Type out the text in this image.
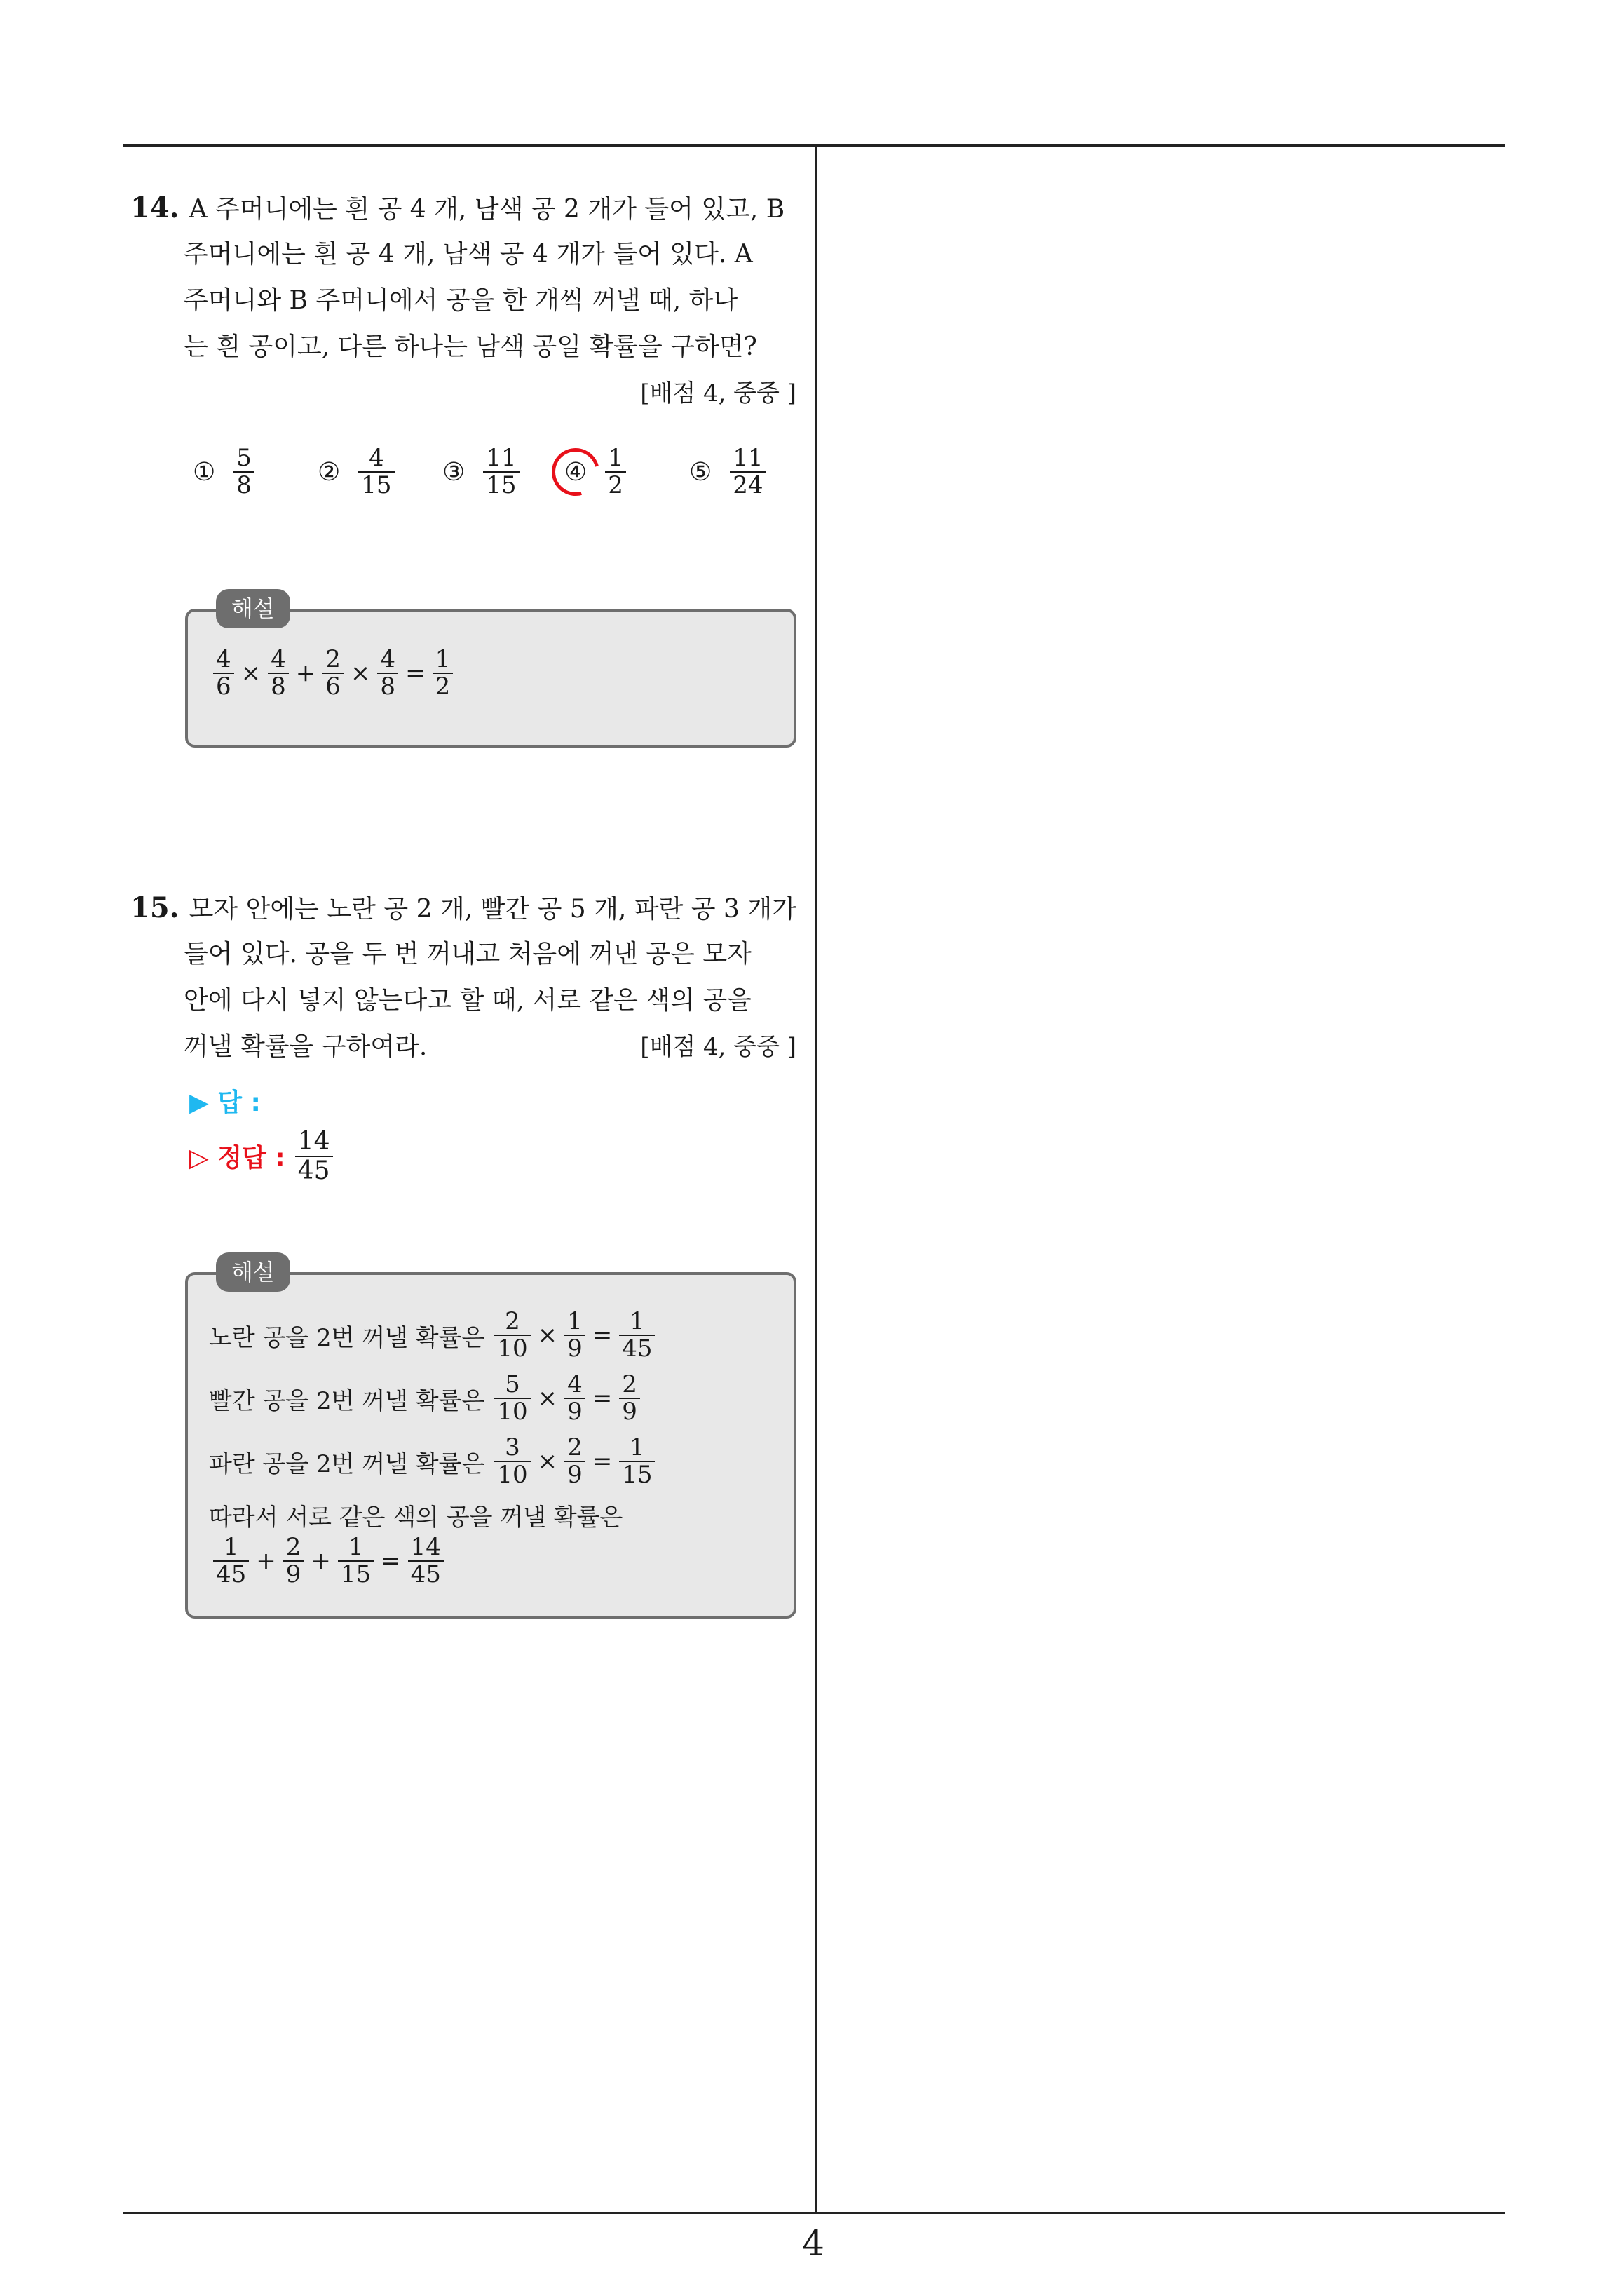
4
14. A 주머니에는 흰 공 4 개, 남색 공 2 개가 들어 있고, B
주머니에는 흰 공 4 개, 남색 공 4 개가 들어 있다. A
주머니와 B 주머니에서 공을 한 개씩 꺼낼 때, 하나
는 흰 공이고, 다른 하나는 남색 공일 확률을 구하면?
[배점 4, 중중 ]
① $\frac{5}{8}$	② $\frac{4}{15}$ ③ $\frac{11}{15}$ ④ $\frac{1}{2}$	⑤ $\frac{11}{24}$
해설
$\frac{4}{6} \times \frac{4}{8} + \frac{2}{6} \times \frac{4}{8} = \frac{1}{2}$
15. 모자 안에는 노란 공 2 개, 빨간 공 5 개, 파란 공 3 개가
들어 있다. 공을 두 번 꺼내고 처음에 꺼낸 공은 모자
안에 다시 넣지 않는다고 할 때, 서로 같은 색의 공을
꺼낼 확률을 구하여라.	[배점 4, 중중 ]
▶ 답 :
▷ 정답 : $\frac{14}{45}$
해설
노란 공을 2번 꺼낼 확률은 $\frac{2}{10} \times \frac{1}{9} = \frac{1}{45}$
빨간 공을 2번 꺼낼 확률은 $\frac{5}{10} \times \frac{4}{9} = \frac{2}{9}$
파란 공을 2번 꺼낼 확률은 $\frac{3}{10} \times \frac{2}{9} = \frac{1}{15}$
따라서 서로 같은 색의 공을 꺼낼 확률은
$\frac{1}{45} + \frac{2}{9} + \frac{1}{15} = \frac{14}{45}$
